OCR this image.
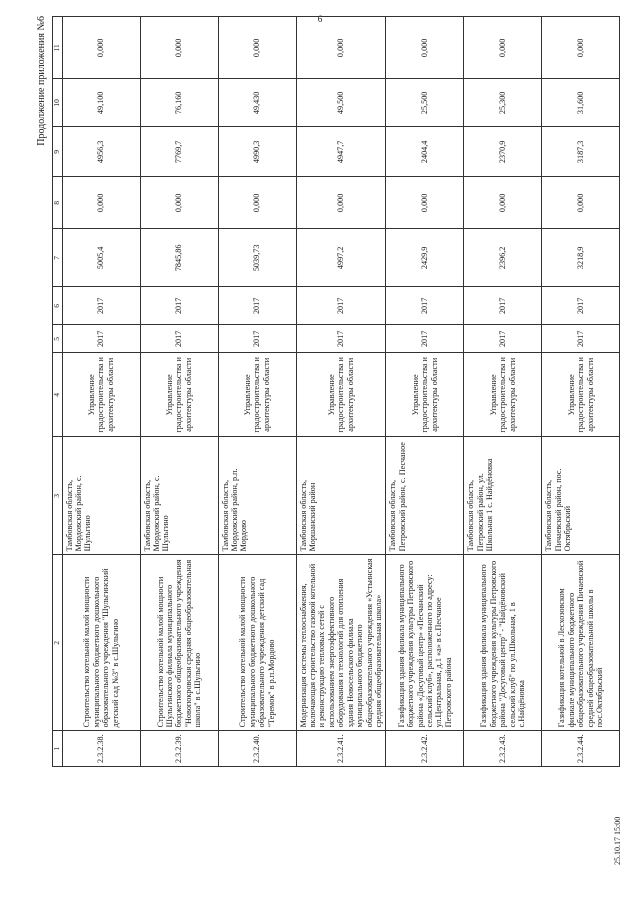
6
Продолжение приложения №6
1	2	3	4	5	6	7	8	9	10	11
2.3.2.38.	Строительство котельной малой мощности муниципального бюджетного дошкольного образовательного учреждения "Шульгинский детский сад №3" в с.Шульгино	Тамбовская область, Мордовский район, с. Шульгино	Управление градостроительства и архитектуры области	2017	2017	5005,4	0,000	4956,3	49,100	0,000
2.3.2.39.	Строительство котельной малой мощности Шульгинского филиала муниципального бюджетного общеобразовательного учреждения "Новопокровская средняя общеобразовательная школа" в с.Шульгино	Тамбовская область, Мордовский район, с. Шульгино	Управление градостроительства и архитектуры области	2017	2017	7845,86	0,000	7769,7	76,160	0,000
2.3.2.40.	Строительство котельной малой мощности муниципального бюджетного дошкольного образовательного учреждения детский сад "Теремок" в р.п.Мордово	Тамбовская область, Мордовский район, р.п. Мордово	Управление градостроительства и архитектуры области	2017	2017	5039,73	0,000	4990,3	49,430	0,000
2.3.2.41.	Модернизация системы теплоснабжения, включающая строительство газовой котельной и реконструкцию тепловых сетей с использованием энергоэффективного оборудования и технологий для отопления здания Новосельского филиала муниципального бюджетного общеобразовательного учреждения «Устьинская средняя общеобразовательная школа»	Тамбовская область, Моршанский район	Управление градостроительства и архитектуры области	2017	2017	4997,2	0,000	4947,7	49,500	0,000
2.3.2.42.	Газификация здания филиала муниципального бюджетного учреждения культуры Петровского района «Досуговый центр» «Песчанский сельский клуб», расположенного по адресу: ул.Центральная, д.1 «а» в с.Песчаное Петровского района	Тамбовская область, Петровский район, с. Песчаное	Управление градостроительства и архитектуры области	2017	2017	2429,9	0,000	2404,4	25,500	0,000
2.3.2.43.	Газификация здания филиала муниципального бюджетного учреждения культуры Петровского района "Досуговый центр" - "Найдёновский сельский клуб" по ул.Школьная, 1 в с.Найдёновка	Тамбовская область, Петровский район, ул. Школьная 1 с. Найдёновка	Управление градостроительства и архитектуры области	2017	2017	2396,2	0,000	2370,9	25,300	0,000
2.3.2.44.	Газификация котельной в Лесхозовском филиале муниципального бюджетного общеобразовательного учреждения Пичаевской средней общеобразовательной школы в пос.Октябрьский	Тамбовская область, Пичаевский район, пос. Октябрьский	Управление градостроительства и архитектуры области	2017	2017	3218,9	0,000	3187,3	31,600	0,000
25.10.17 15:00
